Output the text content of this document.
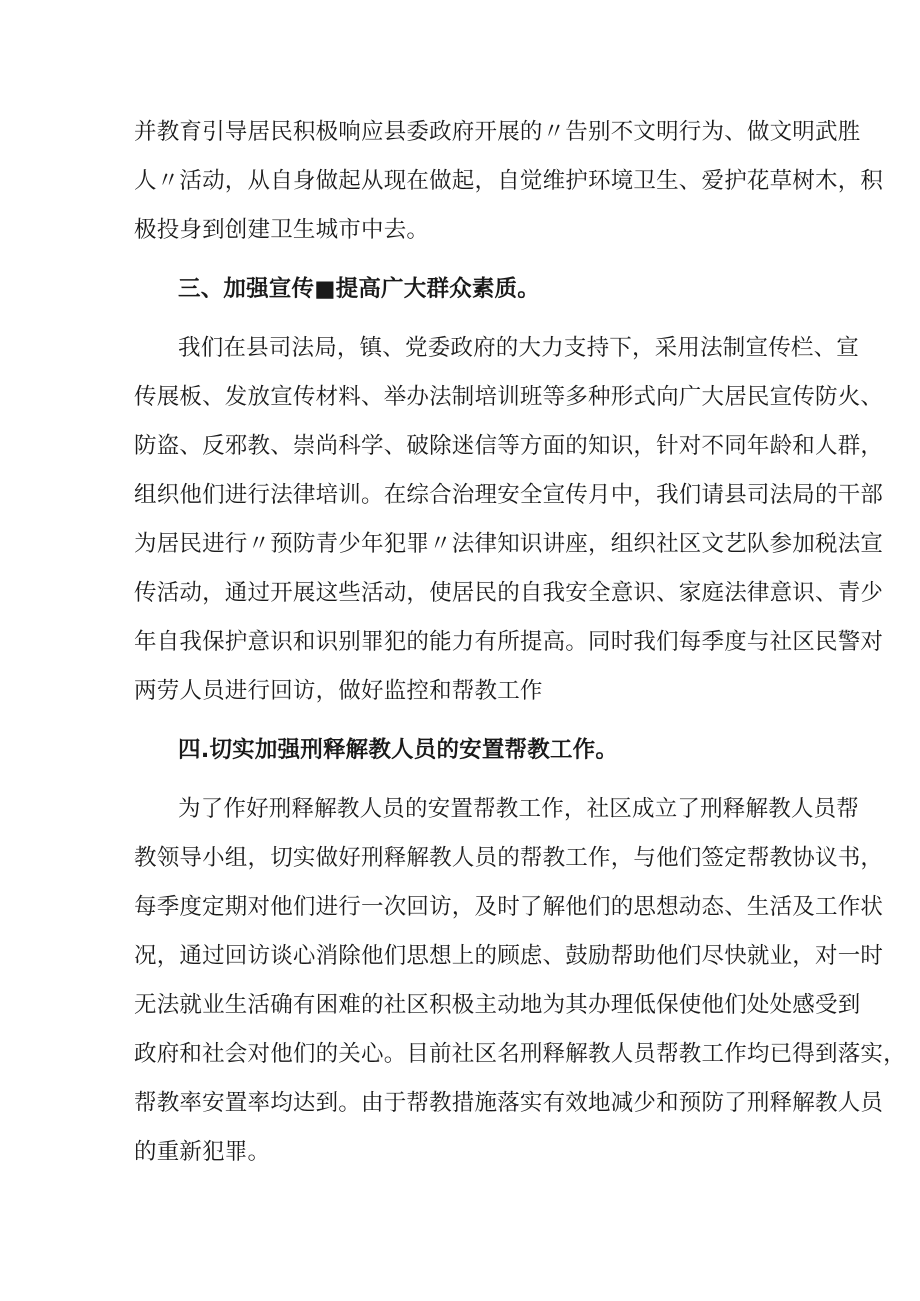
并教育引导居民积极响应县委政府开展的〃告别不文明行为、做文明武胜
人〃活动，从自身做起从现在做起，自觉维护环境卫生、爱护花草树木，积
极投身到创建卫生城市中去。
三、加强宣传■提高广大群众素质。
我们在县司法局，镇、党委政府的大力支持下，采用法制宣传栏、宣
传展板、发放宣传材料、举办法制培训班等多种形式向广大居民宣传防火、
防盗、反邪教、崇尚科学、破除迷信等方面的知识，针对不同年龄和人群，
组织他们进行法律培训。在综合治理安全宣传月中，我们请县司法局的干部
为居民进行〃预防青少年犯罪〃法律知识讲座，组织社区文艺队参加税法宣
传活动，通过开展这些活动，使居民的自我安全意识、家庭法律意识、青少
年自我保护意识和识别罪犯的能力有所提高。同时我们每季度与社区民警对
两劳人员进行回访，做好监控和帮教工作
四.切实加强刑释解教人员的安置帮教工作。
为了作好刑释解教人员的安置帮教工作，社区成立了刑释解教人员帮
教领导小组，切实做好刑释解教人员的帮教工作，与他们签定帮教协议书，
每季度定期对他们进行一次回访，及时了解他们的思想动态、生活及工作状
况，通过回访谈心消除他们思想上的顾虑、鼓励帮助他们尽快就业，对一时
无法就业生活确有困难的社区积极主动地为其办理低保使他们处处感受到
政府和社会对他们的关心。目前社区名刑释解教人员帮教工作均已得到落实，
帮教率安置率均达到。由于帮教措施落实有效地减少和预防了刑释解教人员
的重新犯罪。
